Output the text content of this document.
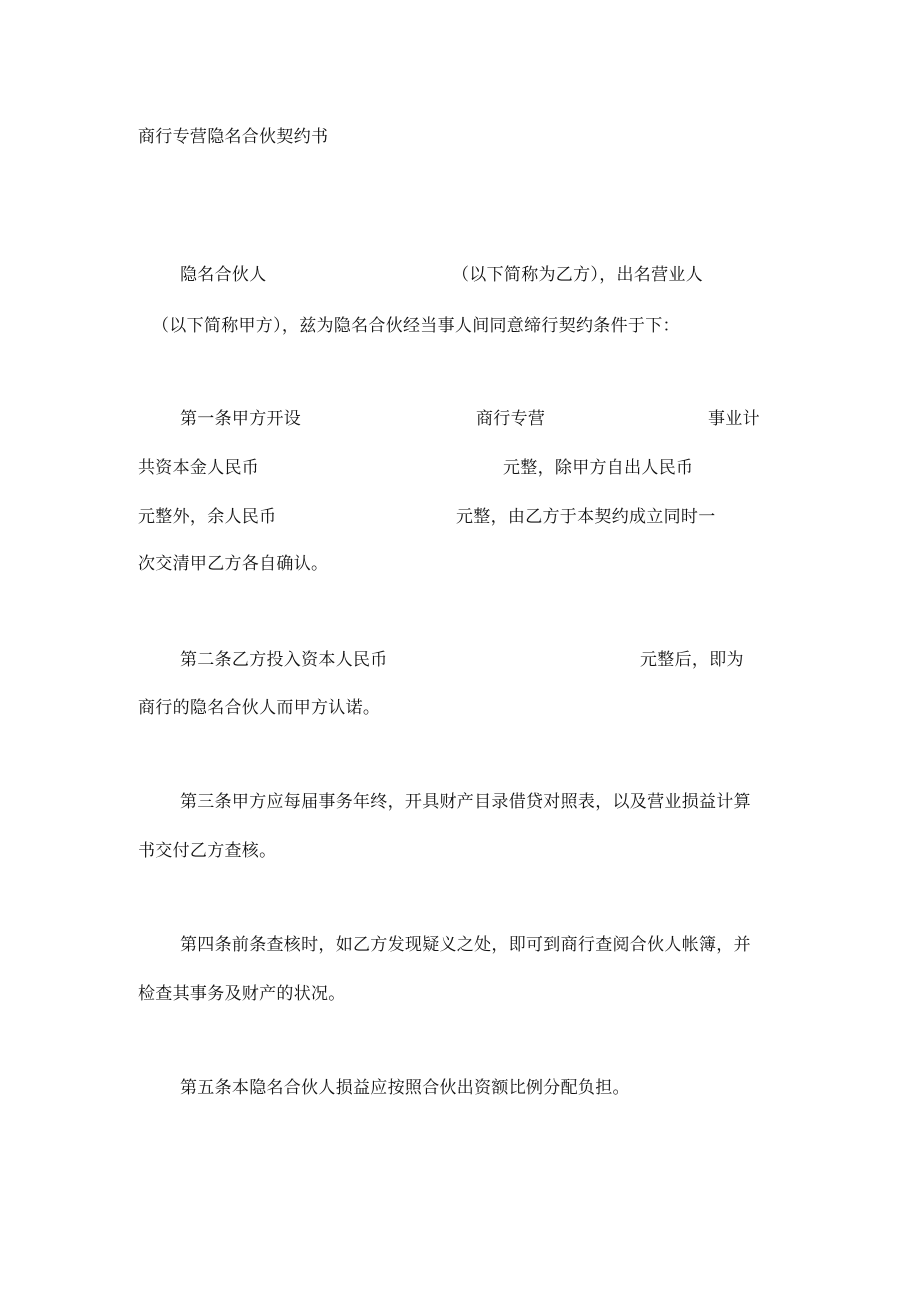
商行专营隐名合伙契约书
隐名合伙人	（以下简称为乙方），出名营业人
（以下简称甲方），兹为隐名合伙经当事人间同意缔行契约条件于下：
第一条甲方开设	商行专营	事业计
共资本金人民币	元整，除甲方自出人民币
元整外，余人民币	元整，由乙方于本契约成立同时一
次交清甲乙方各自确认。
第二条乙方投入资本人民币	元整后，即为
商行的隐名合伙人而甲方认诺。
第三条甲方应每届事务年终，开具财产目录借贷对照表，以及营业损益计算
书交付乙方查核。
第四条前条查核时，如乙方发现疑义之处，即可到商行查阅合伙人帐簿，并
检查其事务及财产的状况。
第五条本隐名合伙人损益应按照合伙出资额比例分配负担。
